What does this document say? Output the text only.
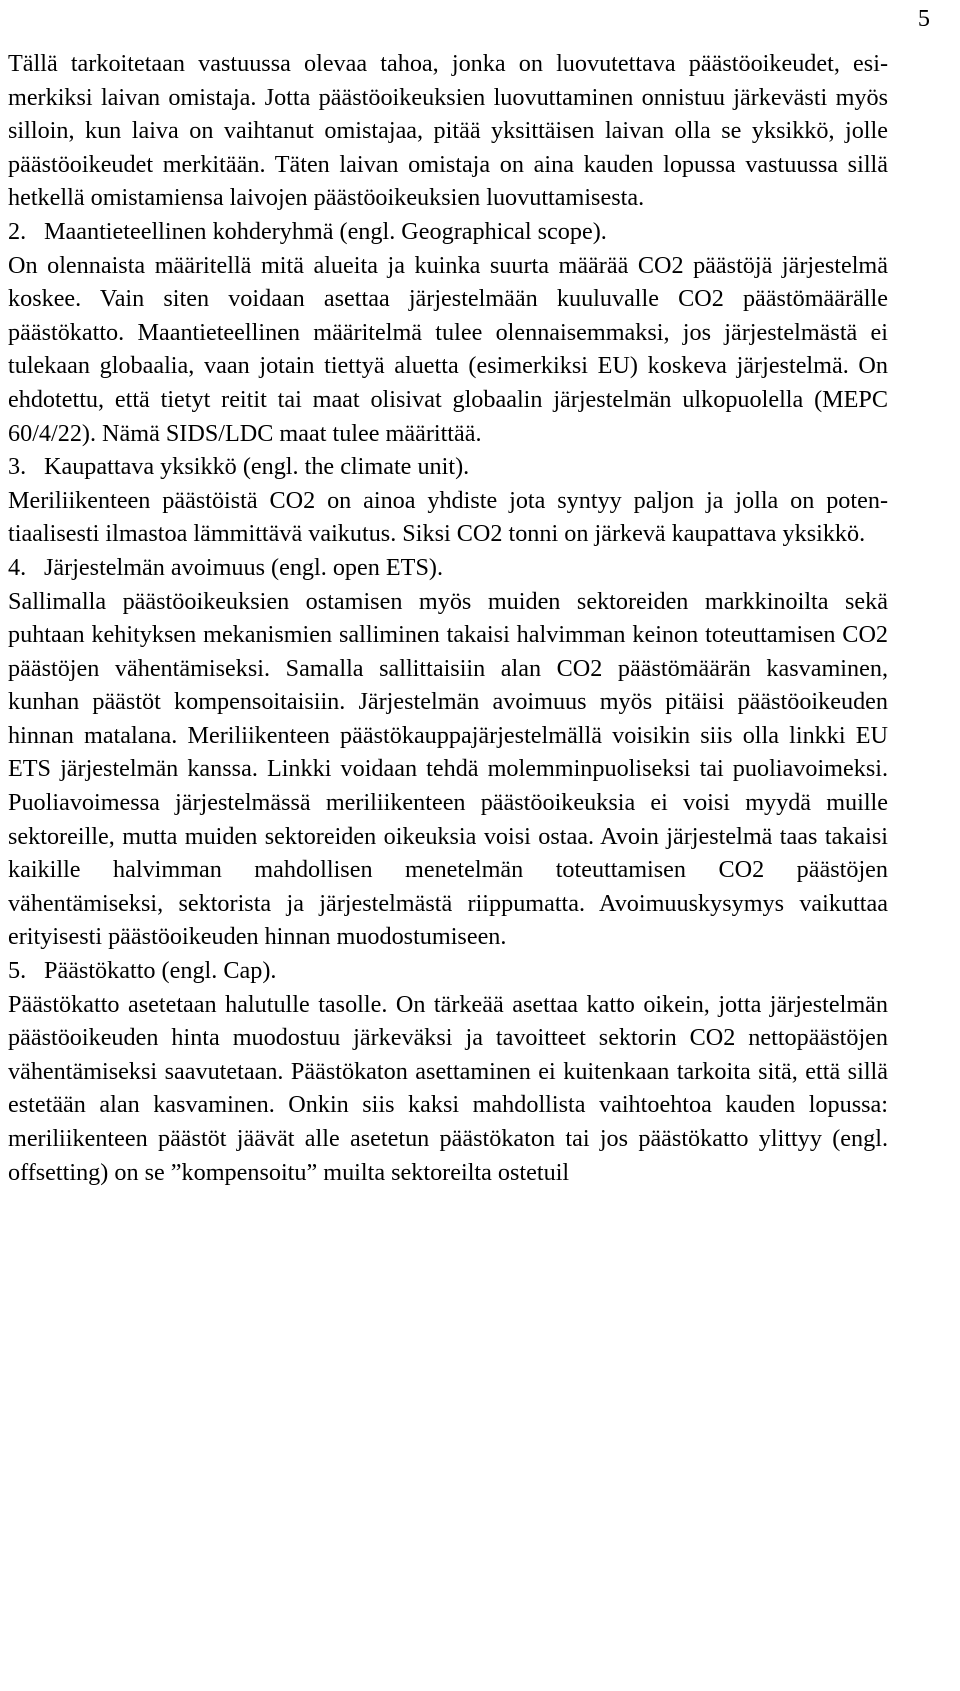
5

Tällä tarkoitetaan vastuussa olevaa tahoa, jonka on luovutettava päästöoikeudet, esimerkiksi laivan omistaja. Jotta päästöoikeuksien luovuttaminen onnistuu järkevästi myös silloin, kun laiva on vaihtanut omistajaa, pitää yksittäisen laivan olla se yksikkö, jolle päästöoikeudet merkitään. Täten laivan omistaja on aina kauden lopussa vastuussa sillä hetkellä omistamiensa laivojen päästöoikeuksien luovuttamisesta.

2. Maantieteellinen kohderyhmä (engl. Geographical scope).

On olennaista määritellä mitä alueita ja kuinka suurta määrää CO2 päästöjä järjestelmä koskee. Vain siten voidaan asettaa järjestelmään kuuluvalle CO2 päästömäärälle päästökatto. Maantieteellinen määritelmä tulee olennaisemmaksi, jos järjestelmästä ei tulekaan globaalia, vaan jotain tiettyä aluetta (esimerkiksi EU) koskeva järjestelmä. On ehdotettu, että tietyt reitit tai maat olisivat globaalin järjestelmän ulkopuolella (MEPC 60/4/22). Nämä SIDS/LDC maat tulee määrittää.

3. Kaupattava yksikkö (engl. the climate unit).

Meriliikenteen päästöistä CO2 on ainoa yhdiste jota syntyy paljon ja jolla on potentiaalisesti ilmastoa lämmittävä vaikutus. Siksi CO2 tonni on järkevä kaupattava yksikkö.

4. Järjestelmän avoimuus (engl. open ETS).

Sallimalla päästöoikeuksien ostamisen myös muiden sektoreiden markkinoilta sekä puhtaan kehityksen mekanismien salliminen takaisi halvimman keinon toteuttamisen CO2 päästöjen vähentämiseksi. Samalla sallittaisiin alan CO2 päästömäärän kasvaminen, kunhan päästöt kompensoitaisiin. Järjestelmän avoimuus myös pitäisi päästöoikeuden hinnan matalana. Meriliikenteen päästökauppajärjestelmällä voisikin siis olla linkki EU ETS järjestelmän kanssa. Linkki voidaan tehdä molemminpuoliseksi tai puoliavoimeksi. Puoliavoimessa järjestelmässä meriliikenteen päästöoikeuksia ei voisi myydä muille sektoreille, mutta muiden sektoreiden oikeuksia voisi ostaa. Avoin järjestelmä taas takaisi kaikille halvimman mahdollisen menetelmän toteuttamisen CO2 päästöjen vähentämiseksi, sektorista ja järjestelmästä riippumatta. Avoimuuskysymys vaikuttaa erityisesti päästöoikeuden hinnan muodostumiseen.

5. Päästökatto (engl. Cap).

Päästökatto asetetaan halutulle tasolle. On tärkeää asettaa katto oikein, jotta järjestelmän päästöoikeuden hinta muodostuu järkeväksi ja tavoitteet sektorin CO2 nettopäästöjen vähentämiseksi saavutetaan. Päästökaton asettaminen ei kuitenkaan tarkoita sitä, että sillä estetään alan kasvaminen. Onkin siis kaksi mahdollista vaihtoehtoa kauden lopussa: meriliikenteen päästöt jäävät alle asetetun päästökaton tai jos päästökatto ylittyy (engl. offsetting) on se ”kompensoitu” muilta sektoreilta ostetuil
